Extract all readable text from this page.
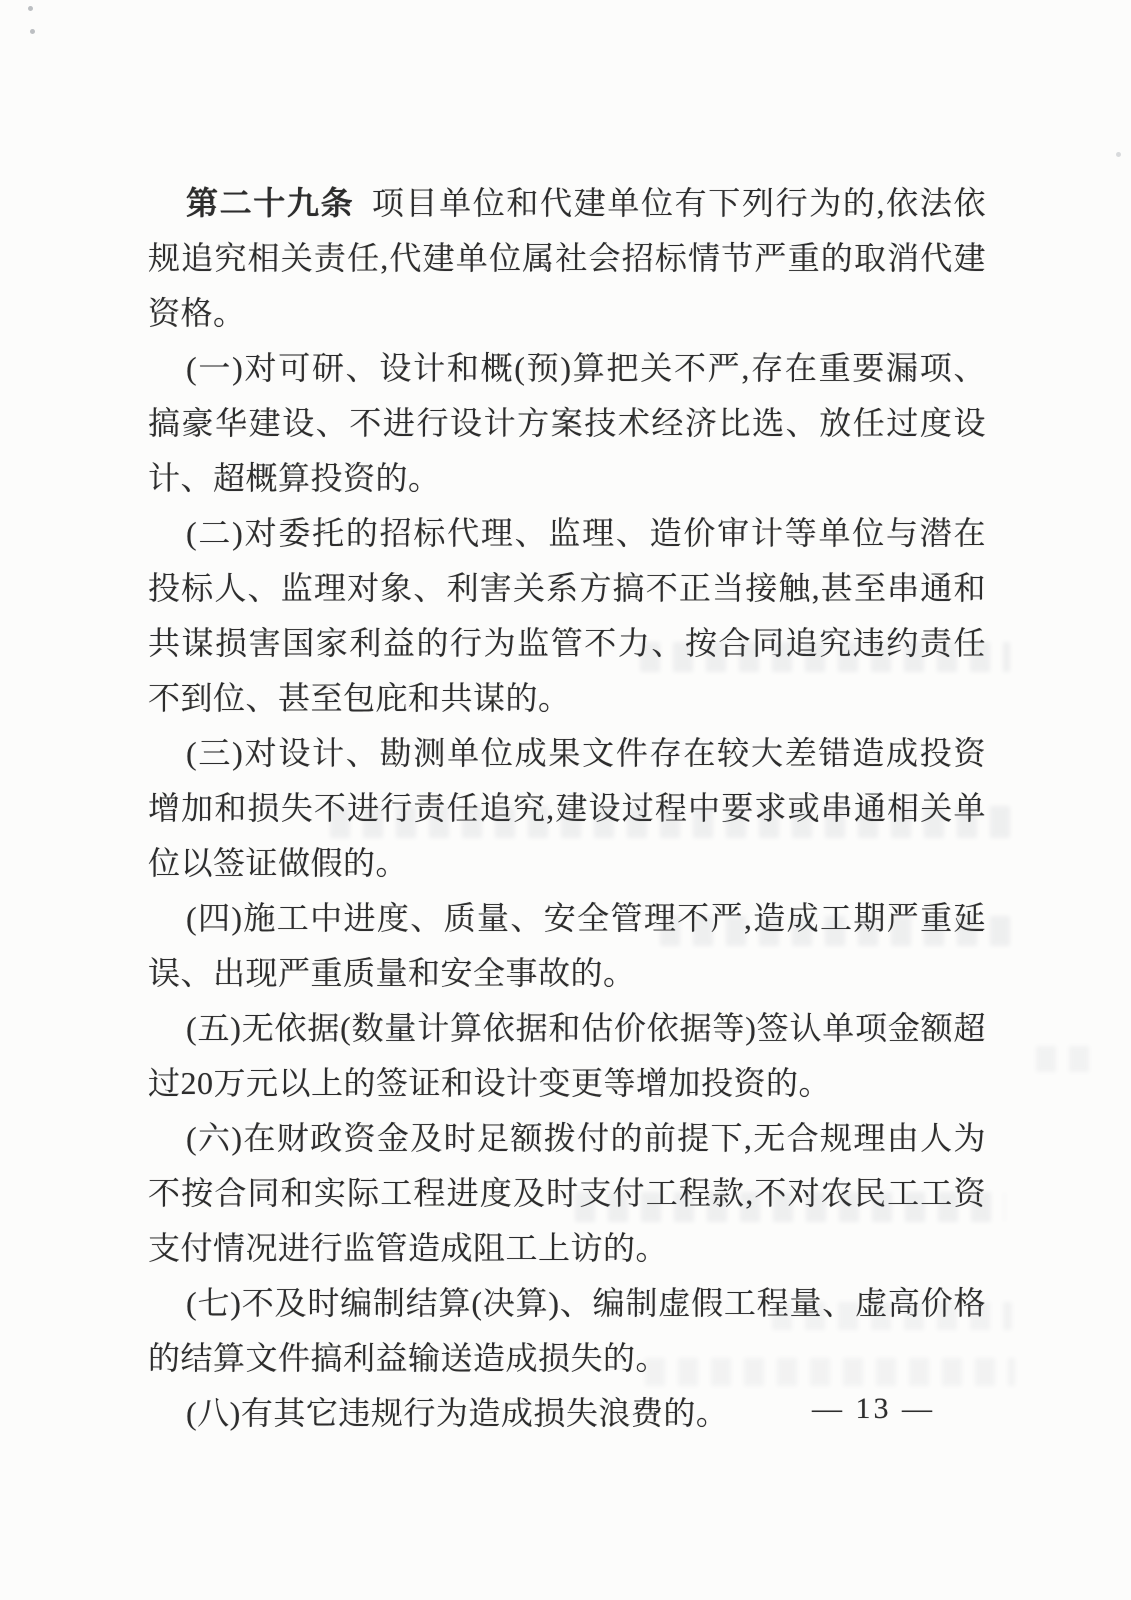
第二十九条 项目单位和代建单位有下列行为的,依法依规追究相关责任,代建单位属社会招标情节严重的取消代建资格。

(一)对可研、设计和概(预)算把关不严,存在重要漏项、搞豪华建设、不进行设计方案技术经济比选、放任过度设计、超概算投资的。

(二)对委托的招标代理、监理、造价审计等单位与潜在投标人、监理对象、利害关系方搞不正当接触,甚至串通和共谋损害国家利益的行为监管不力、按合同追究违约责任不到位、甚至包庇和共谋的。

(三)对设计、勘测单位成果文件存在较大差错造成投资增加和损失不进行责任追究,建设过程中要求或串通相关单位以签证做假的。

(四)施工中进度、质量、安全管理不严,造成工期严重延误、出现严重质量和安全事故的。

(五)无依据(数量计算依据和估价依据等)签认单项金额超过20万元以上的签证和设计变更等增加投资的。

(六)在财政资金及时足额拨付的前提下,无合规理由人为不按合同和实际工程进度及时支付工程款,不对农民工工资支付情况进行监管造成阻工上访的。

(七)不及时编制结算(决算)、编制虚假工程量、虚高价格的结算文件搞利益输送造成损失的。

(八)有其它违规行为造成损失浪费的。	— 13 —
